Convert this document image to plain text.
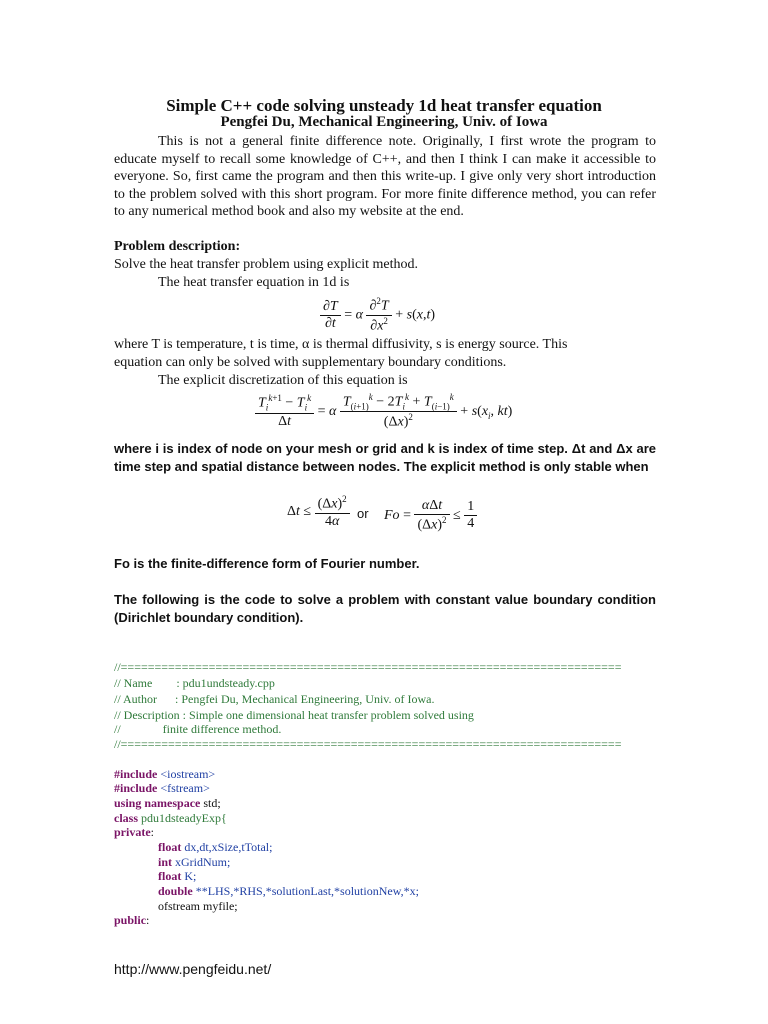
Simple C++ code solving unsteady 1d heat transfer equation
Pengfei Du, Mechanical Engineering, Univ. of Iowa
This is not a general finite difference note. Originally, I first wrote the program to educate myself to recall some knowledge of C++, and then I think I can make it accessible to everyone. So, first came the program and then this write-up. I give only very short introduction to the problem solved with this short program. For more finite difference method, you can refer to any numerical method book and also my website at the end.
Problem description:
Solve the heat transfer problem using explicit method.
The heat transfer equation in 1d is
$\frac{\partial T}{\partial t} = \alpha \frac{\partial^2T}{\partial x^2} + s(x,t)$
where T is temperature, t is time, α is thermal diffusivity, s is energy source. This
equation can only be solved with supplementary boundary conditions.
The explicit discretization of this equation is
$\frac{T_i^{k+1} - T_i^k}{\Delta t} = \alpha \frac{T_{(i+1)}^k - 2T_i^k + T_{(i-1)}^k}{(\Delta x)^2} + s(x_i$, kt)
where i is index of node on your mesh or grid and k is index of time step. Δt and Δx are time step and spatial distance between nodes. The explicit method is only stable when
$\Delta t \le \frac{(\Delta x)^2}{4\alpha}$ or $Fo = \frac{\text{αΔt}}{(\Delta x)^2} \le \frac{1}{4}$
Fo is the finite-difference form of Fourier number.
The following is the code to solve a problem with constant value boundary condition (Dirichlet boundary condition).
//==========================================================================
// Name        : pdu1undsteady.cpp
// Author      : Pengfei Du, Mechanical Engineering, Univ. of Iowa.
// Description : Simple one dimensional heat transfer problem solved using
//              finite difference method.
//==========================================================================
#include <iostream>
#include <fstream>
using namespace std;
class pdu1dsteadyExp{
private:
float dx,dt,xSize,tTotal;
int xGridNum;
float K;
double **LHS,*RHS,*solutionLast,*solutionNew,*x;
ofstream myfile;
public:
http://www.pengfeidu.net/
